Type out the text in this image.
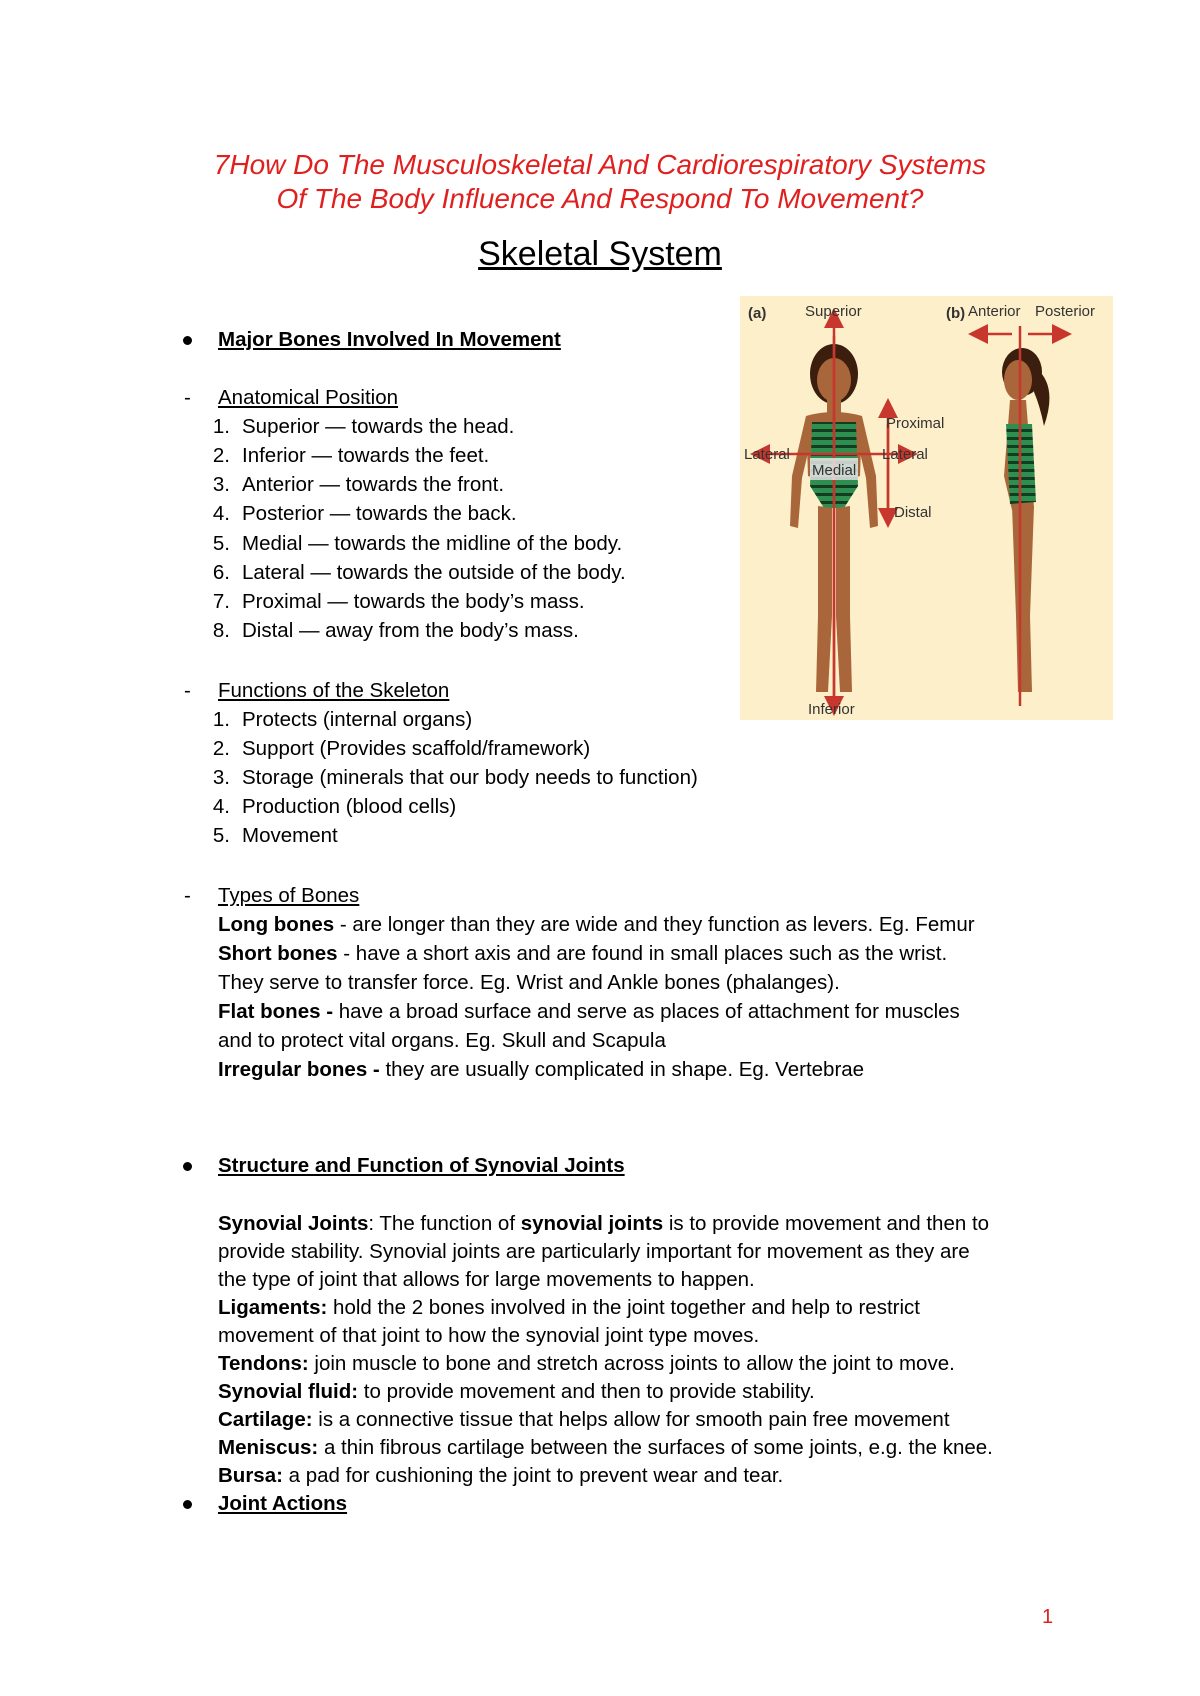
7How Do The Musculoskeletal And Cardiorespiratory Systems
Of The Body Influence And Respond To Movement?
Skeletal System
Major Bones Involved In Movement
- Anatomical Position
1. Superior — towards the head.
2. Inferior — towards the feet.
3. Anterior — towards the front.
4. Posterior — towards the back.
5. Medial — towards the midline of the body.
6. Lateral — towards the outside of the body.
7. Proximal — towards the body’s mass.
8. Distal — away from the body’s mass.
- Functions of the Skeleton
1. Protects (internal organs)
2. Support (Provides scaffold/framework)
3. Storage (minerals that our body needs to function)
4. Production (blood cells)
5. Movement
- Types of Bones
Long bones - are longer than they are wide and they function as levers. Eg. Femur
Short bones - have a short axis and are found in small places such as the wrist.
They serve to transfer force. Eg. Wrist and Ankle bones (phalanges).
Flat bones - have a broad surface and serve as places of attachment for muscles
and to protect vital organs. Eg. Skull and Scapula
Irregular bones - they are usually complicated in shape. Eg. Vertebrae
Structure and Function of Synovial Joints
Synovial Joints: The function of synovial joints is to provide movement and then to
provide stability. Synovial joints are particularly important for movement as they are
the type of joint that allows for large movements to happen.
Ligaments: hold the 2 bones involved in the joint together and help to restrict
movement of that joint to how the synovial joint type moves.
Tendons: join muscle to bone and stretch across joints to allow the joint to move.
Synovial fluid: to provide movement and then to provide stability.
Cartilage: is a connective tissue that helps allow for smooth pain free movement
Meniscus: a thin fibrous cartilage between the surfaces of some joints, e.g. the knee.
Bursa: a pad for cushioning the joint to prevent wear and tear.
Joint Actions
(a)	Superior	(b) Anterior Posterior
Proximal
Lateral	Lateral
Medial
Distal
Inferior
1
